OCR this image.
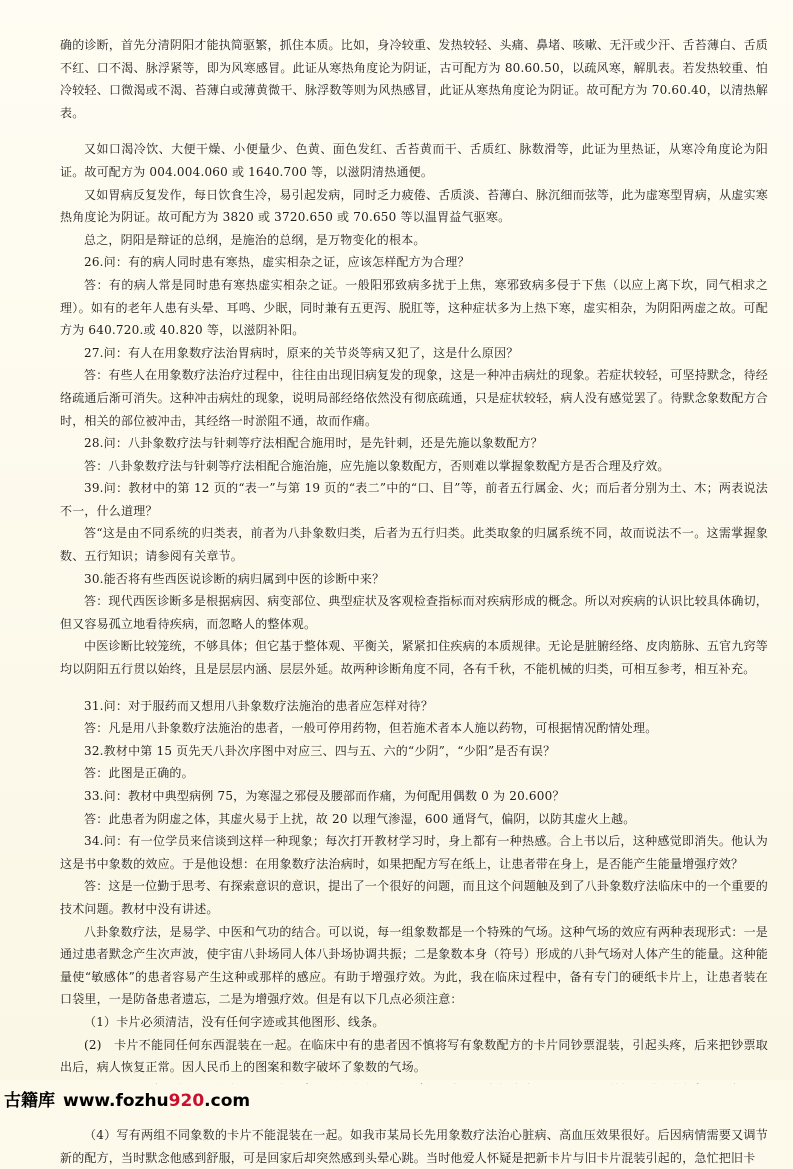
确的诊断，首先分清阴阳才能执简驱繁，抓住本质。比如，身冷较重、发热较轻、头痛、鼻堵、咳嗽、无汗或少汗、舌苔薄白、舌质不红、口不渴、脉浮紧等，即为风寒感冒。此证从寒热角度论为阴证，古可配方为 80.60.50，以疏风寒，解肌表。若发热较重、怕冷较轻、口微渴或不渴、苔薄白或薄黄微干、脉浮数等则为风热感冒，此证从寒热角度论为阴证。故可配方为 70.60.40，以清热解表。

又如口渴冷饮、大便干燥、小便量少、色黄、面色发红、舌苔黄而干、舌质红、脉数滑等，此证为里热证，从寒冷角度论为阳证。故可配方为 004.004.060 或 1640.700 等，以滋阴清热通便。

又如胃病反复发作，每日饮食生冷，易引起发病，同时乏力疲倦、舌质淡、苔薄白、脉沉细而弦等，此为虚寒型胃病，从虚实寒热角度论为阴证。故可配方为 3820 或 3720.650 或 70.650 等以温胃益气驱寒。

总之，阴阳是辩证的总纲，是施治的总纲，是万物变化的根本。

26.问：有的病人同时患有寒热，虚实相杂之证，应该怎样配方为合理？

答：有的病人常是同时患有寒热虚实相杂之证。一般阳邪致病多扰于上焦，寒邪致病多侵于下焦（以应上离下坎，同气相求之理）。如有的老年人患有头晕、耳鸣、少眠，同时兼有五更泻、脱肛等，这种症状多为上热下寒，虚实相杂，为阴阳两虚之故。可配方为 640.720.或 40.820 等，以滋阴补阳。

27.问：有人在用象数疗法治胃病时，原来的关节炎等病又犯了，这是什么原因？

答：有些人在用象数疗法治疗过程中，往往由出现旧病复发的现象，这是一种冲击病灶的现象。若症状较轻，可坚持默念，待经络疏通后渐可消失。这种冲击病灶的现象，说明局部经络依然没有彻底疏通，只是症状较轻，病人没有感觉罢了。待默念象数配方合时，相关的部位被冲击，其经络一时淤阻不通，故而作痛。

28.问：八卦象数疗法与针刺等疗法相配合施用时，是先针刺，还是先施以象数配方？

答：八卦象数疗法与针刺等疗法相配合施治施，应先施以象数配方，否则难以掌握象数配方是否合理及疗效。

39.问：教材中的第 12 页的“表一”与第 19 页的“表二”中的“口、目”等，前者五行属金、火；而后者分别为土、木；两表说法不一，什么道理？

答“这是由不同系统的归类表，前者为八卦象数归类，后者为五行归类。此类取象的归属系统不同，故而说法不一。这需掌握象数、五行知识；请参阅有关章节。

30.能否将有些西医说诊断的病归属到中医的诊断中来？

答：现代西医诊断多是根据病因、病变部位、典型症状及客观检查指标而对疾病形成的概念。所以对疾病的认识比较具体确切，但又容易孤立地看待疾病，而忽略人的整体观。

中医诊断比较笼统，不够具体；但它基于整体观、平衡关，紧紧扣住疾病的本质规律。无论是脏腑经络、皮肉筋脉、五官九窍等均以阴阳五行贯以始终，且是层层内涵、层层外延。故两种诊断角度不同，各有千秋，不能机械的归类，可相互参考，相互补充。

31.问：对于服药而又想用八卦象数疗法施治的患者应怎样对待？

答：凡是用八卦象数疗法施治的患者，一般可停用药物，但若施术者本人施以药物，可根据情况酌情处理。

32.教材中第 15 页先天八卦次序图中对应三、四与五、六的“少阴”，“少阳”是否有误？

答：此图是正确的。

33.问：教材中典型病例 75，为寒湿之邪侵及腰部而作痛，为何配用偶数 0 为 20.600？

答：此患者为阴虚之体，其虚火易于上扰，故 20 以理气渗湿，600 通肾气，偏阴，以防其虚火上越。

34.问：有一位学员来信谈到这样一种现象；每次打开教材学习时，身上都有一种热感。合上书以后，这种感觉即消失。他认为这是书中象数的效应。于是他设想：在用象数疗法治病时，如果把配方写在纸上，让患者带在身上，是否能产生能量增强疗效？

答：这是一位勤于思考、有探索意识的意识，提出了一个很好的问题，而且这个问题触及到了八卦象数疗法临床中的一个重要的技术问题。教材中没有讲述。

八卦象数疗法，是易学、中医和气功的结合。可以说，每一组象数都是一个特殊的气场。这种气场的效应有两种表现形式：一是通过患者默念产生次声波，使宇宙八卦场同人体八卦场协调共振；二是象数本身（符号）形成的八卦气场对人体产生的能量。这种能量使“敏感体”的患者容易产生这种或那样的感应。有助于增强疗效。为此，我在临床过程中，备有专门的硬纸卡片上，让患者装在口袋里，一是防备患者遗忘，二是为增强疗效。但是有以下几点必须注意：

（1）卡片必须清洁，没有任何字迹或其他图形、线条。

(2)　卡片不能同任何东西混装在一起。在临床中有的患者因不慎将写有象数配方的卡片同钞票混装，引起头疼，后来把钞票取出后，病人恢复正常。因人民币上的图案和数字破坏了象数的气场。

（4）写有两组不同象数的卡片不能混装在一起。如我市某局长先用象数疗法治心脏病、高血压效果很好。后因病情需要又调节新的配方，当时默念他感到舒服，可是回家后却突然感到头晕心跳。当时他爱人怀疑是把新卡片与旧卡片混装引起的，急忙把旧卡

古籍库 www.fozhu920.com
